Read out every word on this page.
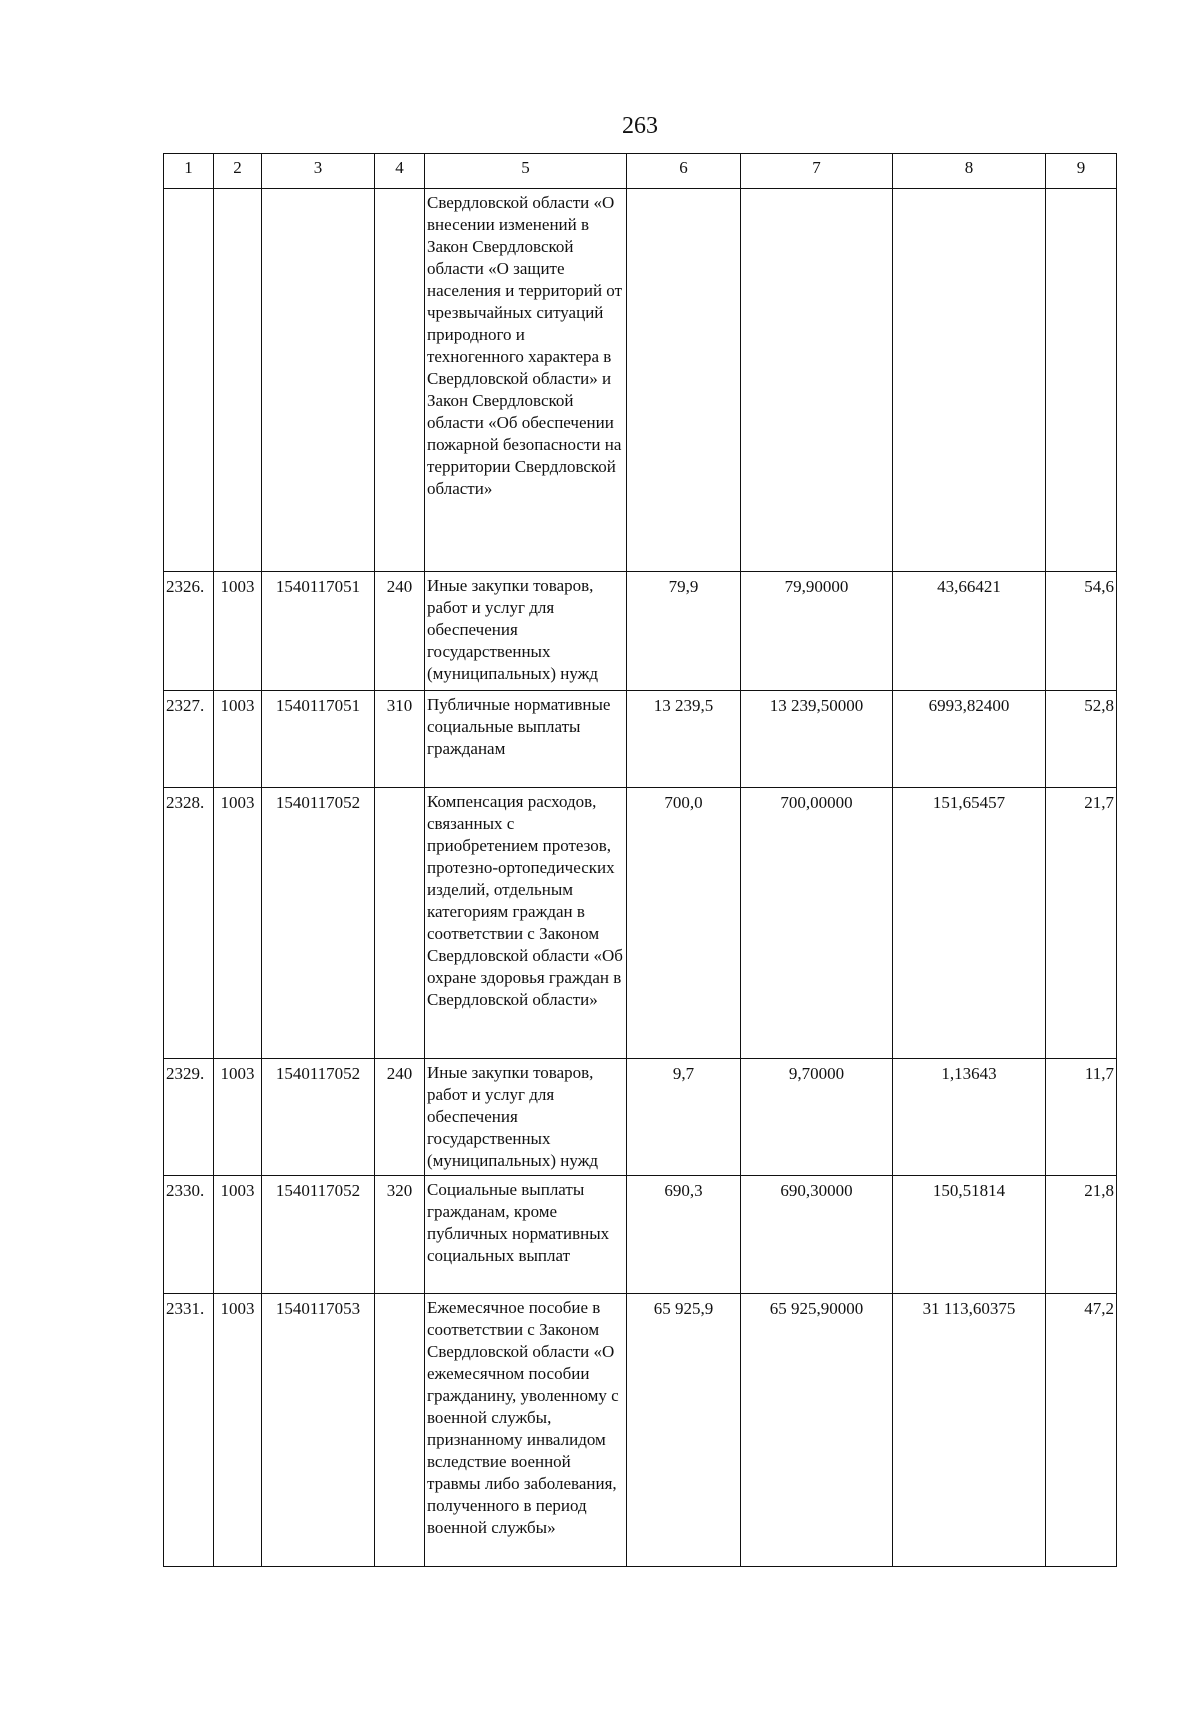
263
1	2	3	4	5	6	7	8	9
				Свердловской области «О внесении изменений в Закон Свердловской области «О защите населения и территорий от чрезвычайных ситуаций природного и техногенного характера в Свердловской области» и Закон Свердловской области «Об обеспечении пожарной безопасности на территории Свердловской области»				
2326.	1003	1540117051	240	Иные закупки товаров, работ и услуг для обеспечения государственных (муниципальных) нужд	79,9	79,90000	43,66421	54,6
2327.	1003	1540117051	310	Публичные нормативные социальные выплаты гражданам	13 239,5	13 239,50000	6993,82400	52,8
2328.	1003	1540117052		Компенсация расходов, связанных с приобретением протезов, протезно-ортопедических изделий, отдельным категориям граждан в соответствии с Законом Свердловской области «Об охране здоровья граждан в Свердловской области»	700,0	700,00000	151,65457	21,7
2329.	1003	1540117052	240	Иные закупки товаров, работ и услуг для обеспечения государственных (муниципальных) нужд	9,7	9,70000	1,13643	11,7
2330.	1003	1540117052	320	Социальные выплаты гражданам, кроме публичных нормативных социальных выплат	690,3	690,30000	150,51814	21,8
2331.	1003	1540117053		Ежемесячное пособие в соответствии с Законом Свердловской области «О ежемесячном пособии гражданину, уволенному с военной службы, признанному инвалидом вследствие военной травмы либо заболевания, полученного в период военной службы»	65 925,9	65 925,90000	31 113,60375	47,2
